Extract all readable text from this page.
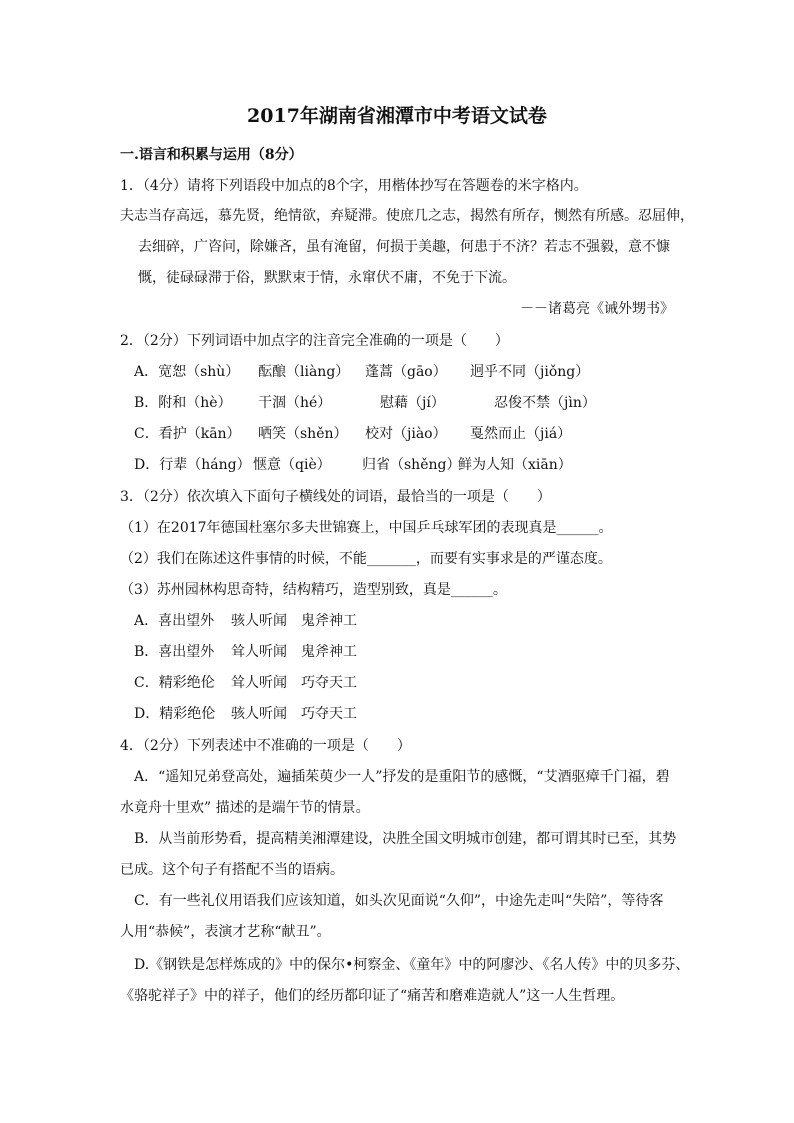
2017年湖南省湘潭市中考语文试卷
一.语言和积累与运用（8分）
1．（4分）请将下列语段中加点的8个字，用楷体抄写在答题卷的米字格内。
夫志当存高远，慕先贤，绝情欲，弃疑滞。使庶几之志，揭然有所存，恻然有所感。忍屈伸，
去细碎，广咨问，除嫌吝，虽有淹留，何损于美趣，何患于不济？若志不强毅，意不慷
慨，徒碌碌滞于俗，默默束于情，永窜伏不庸，不免于下流。
－－诸葛亮《诫外甥书》
2．（2分）下列词语中加点字的注音完全准确的一项是（　　）
A．宽恕（shù） 酝酿（liàng） 蓬蒿（gāo） 迥乎不同（jiǒng）
B．附和（hè） 干涸（hé）	慰藉（jí）	忍俊不禁（jìn）
C．看护（kān） 哂笑（shěn） 校对（jiào） 戛然而止（jiá）
D．行辈（háng） 惬意（qiè） 归省（shěng）
鲜为人知（xiān）
3．（2分）依次填入下面句子横线处的词语，最恰当的一项是（　　）
（1）在2017年德国杜塞尔多夫世锦赛上，中国乒乓球军团的表现真是______。
（2）我们在陈述这件事情的时候，不能_______，而要有实事求是的严谨态度。
（3）苏州园林构思奇特，结构精巧，造型别致，真是______。
A．喜出望外 骇人听闻 鬼斧神工
B．喜出望外 耸人听闻 鬼斧神工
C．精彩绝伦 耸人听闻 巧夺天工
D．精彩绝伦 骇人听闻 巧夺天工
4．（2分）下列表述中不准确的一项是（　　）
A．“遥知兄弟登高处，遍插茱萸少一人”抒发的是重阳节的感慨，“艾酒驱瘴千门福，碧
水竟舟十里欢” 描述的是端午节的情景。
B．从当前形势看，提高精美湘潭建设，决胜全国文明城市创建，都可谓其时已至，其势
已成。这个句子有搭配不当的语病。
C．有一些礼仪用语我们应该知道，如头次见面说“久仰”，中途先走叫“失陪”，等待客
人用“恭候”，表演才艺称“献丑”。
D.《钢铁是怎样炼成的》中的保尔•柯察金、《童年》中的阿廖沙、《名人传》中的贝多芬、
《骆驼祥子》中的祥子，他们的经历都印证了“痛苦和磨难造就人”这一人生哲理。
